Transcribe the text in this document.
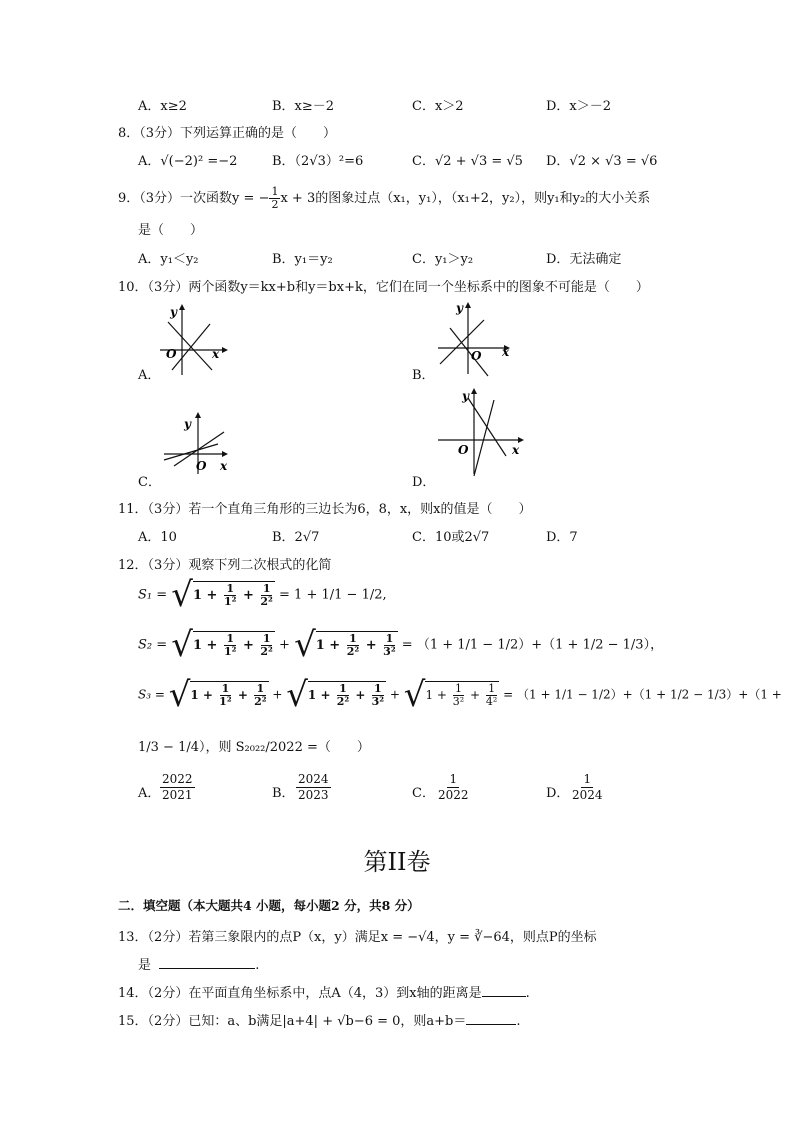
A．x≥2	B．x≥－2	C．x＞2	D．x＞－2
8．（3分）下列运算正确的是（　　）
A．√(−2)² =−2	B．（2√3）²=6	C．√2 + √3 = √5 D．√2 × √3 = √6
9．（3分）一次函数y = − $\frac{1}{2}$ x + 3的图象过点（x₁，y₁），（x₁+2，y₂），则y₁和y₂的大小关系
是（　　）
A．y₁＜y₂	B．y₁＝y₂	C．y₁＞y₂	D．无法确定
10．（3分）两个函数y＝kx+b和y＝bx+k，它们在同一个坐标系中的图象不可能是（　　）
A．
y
O	x
B．
y
O x
C．
y
O x
D．
y
O	x
11．（3分）若一个直角三角形的三边长为6，8，x，则x的值是（　　）
A．10	B．2√7	C．10或2√7	D．7
12．（3分）观察下列二次根式的化简
$S_1 = √1 + \frac{1}{\text{1²}} + \frac{1}{\text{2²}} = 1 + 1/1 - 1/2$,
$S_2 = √1 + \frac{1}{\text{1²}} + \frac{1}{\text{2²}} + √1 + \frac{1}{\text{2²}} + \frac{1}{\text{3²}} = (1 + 1/1 - 1/2)+(1 + 1/2 - 1/3)$，
$S_3 = √1 + \frac{1}{\text{1²}} + \frac{1}{\text{2²}} + √1 + \frac{1}{\text{2²}} + \frac{1}{\text{3²}} + √1 + \frac{1}{\text{3²}} + \frac{1}{\text{4²}} = (1 + 1/1 - 1/2)+(1 + 1/2 - 1/3)+(1$ +
1/3 − 1/4），则 S₂₀₂₂/2022 =（　　）
A． $\frac{2022}{2021}$	B． $\frac{2024}{2023}$	C． $\frac{1}{2022}$	D． $\frac{1}{2024}$
第II卷
二．填空题（本大题共4 小题，每小题2 分，共8 分）
13．（2分）若第三象限内的点P（x，y）满足x = −√4，y = ∛−64，则点P的坐标
是	.
14．（2分）在平面直角坐标系中，点A（4，3）到x轴的距离是	.
15．（2分）已知：a、b满足|a+4| + √b−6 = 0，则a+b＝	.
